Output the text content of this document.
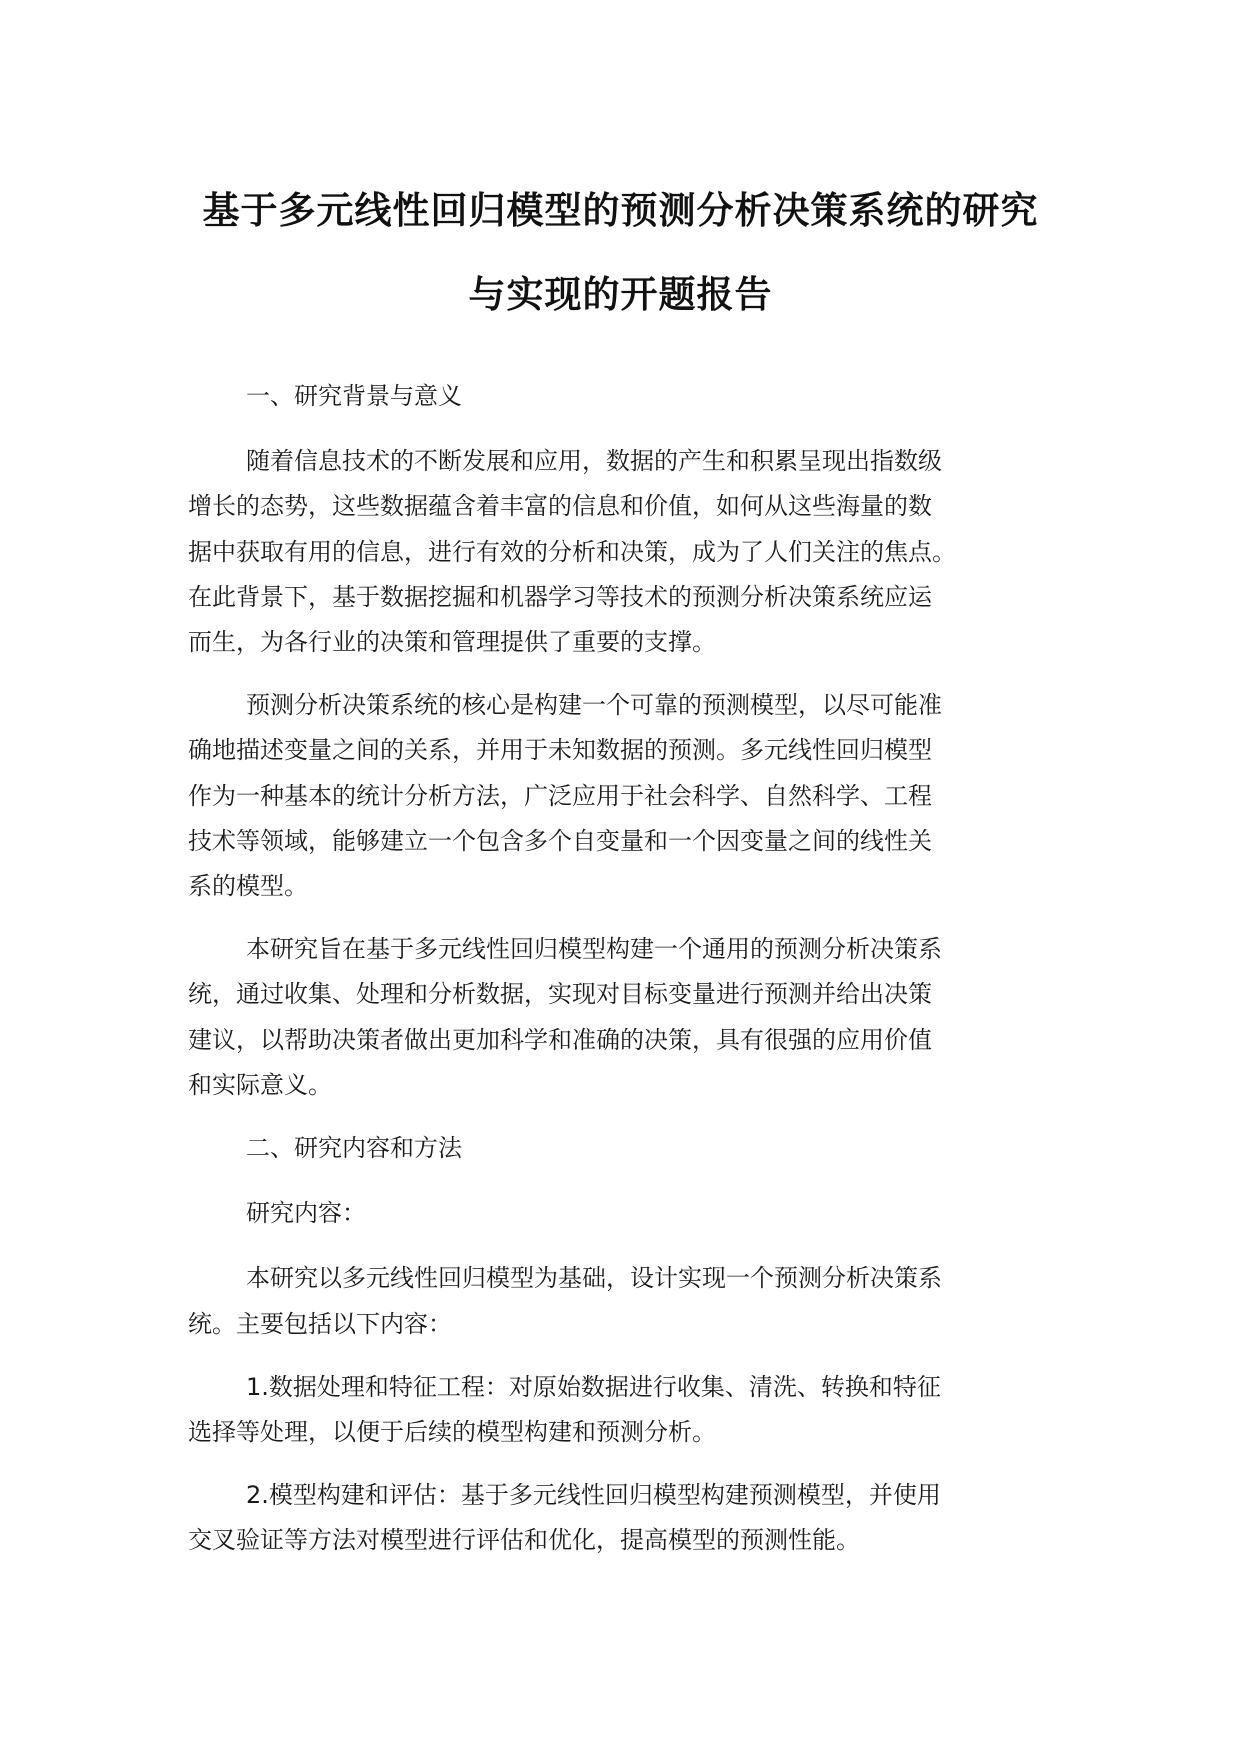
基于多元线性回归模型的预测分析决策系统的研究
与实现的开题报告

一、研究背景与意义

随着信息技术的不断发展和应用，数据的产生和积累呈现出指数级
增长的态势，这些数据蕴含着丰富的信息和价值，如何从这些海量的数
据中获取有用的信息，进行有效的分析和决策，成为了人们关注的焦点。
在此背景下，基于数据挖掘和机器学习等技术的预测分析决策系统应运
而生，为各行业的决策和管理提供了重要的支撑。

预测分析决策系统的核心是构建一个可靠的预测模型，以尽可能准
确地描述变量之间的关系，并用于未知数据的预测。多元线性回归模型
作为一种基本的统计分析方法，广泛应用于社会科学、自然科学、工程
技术等领域，能够建立一个包含多个自变量和一个因变量之间的线性关
系的模型。

本研究旨在基于多元线性回归模型构建一个通用的预测分析决策系
统，通过收集、处理和分析数据，实现对目标变量进行预测并给出决策
建议，以帮助决策者做出更加科学和准确的决策，具有很强的应用价值
和实际意义。

二、研究内容和方法

研究内容：

本研究以多元线性回归模型为基础，设计实现一个预测分析决策系
统。主要包括以下内容：

1.数据处理和特征工程：对原始数据进行收集、清洗、转换和特征
选择等处理，以便于后续的模型构建和预测分析。

2.模型构建和评估：基于多元线性回归模型构建预测模型，并使用
交叉验证等方法对模型进行评估和优化，提高模型的预测性能。
